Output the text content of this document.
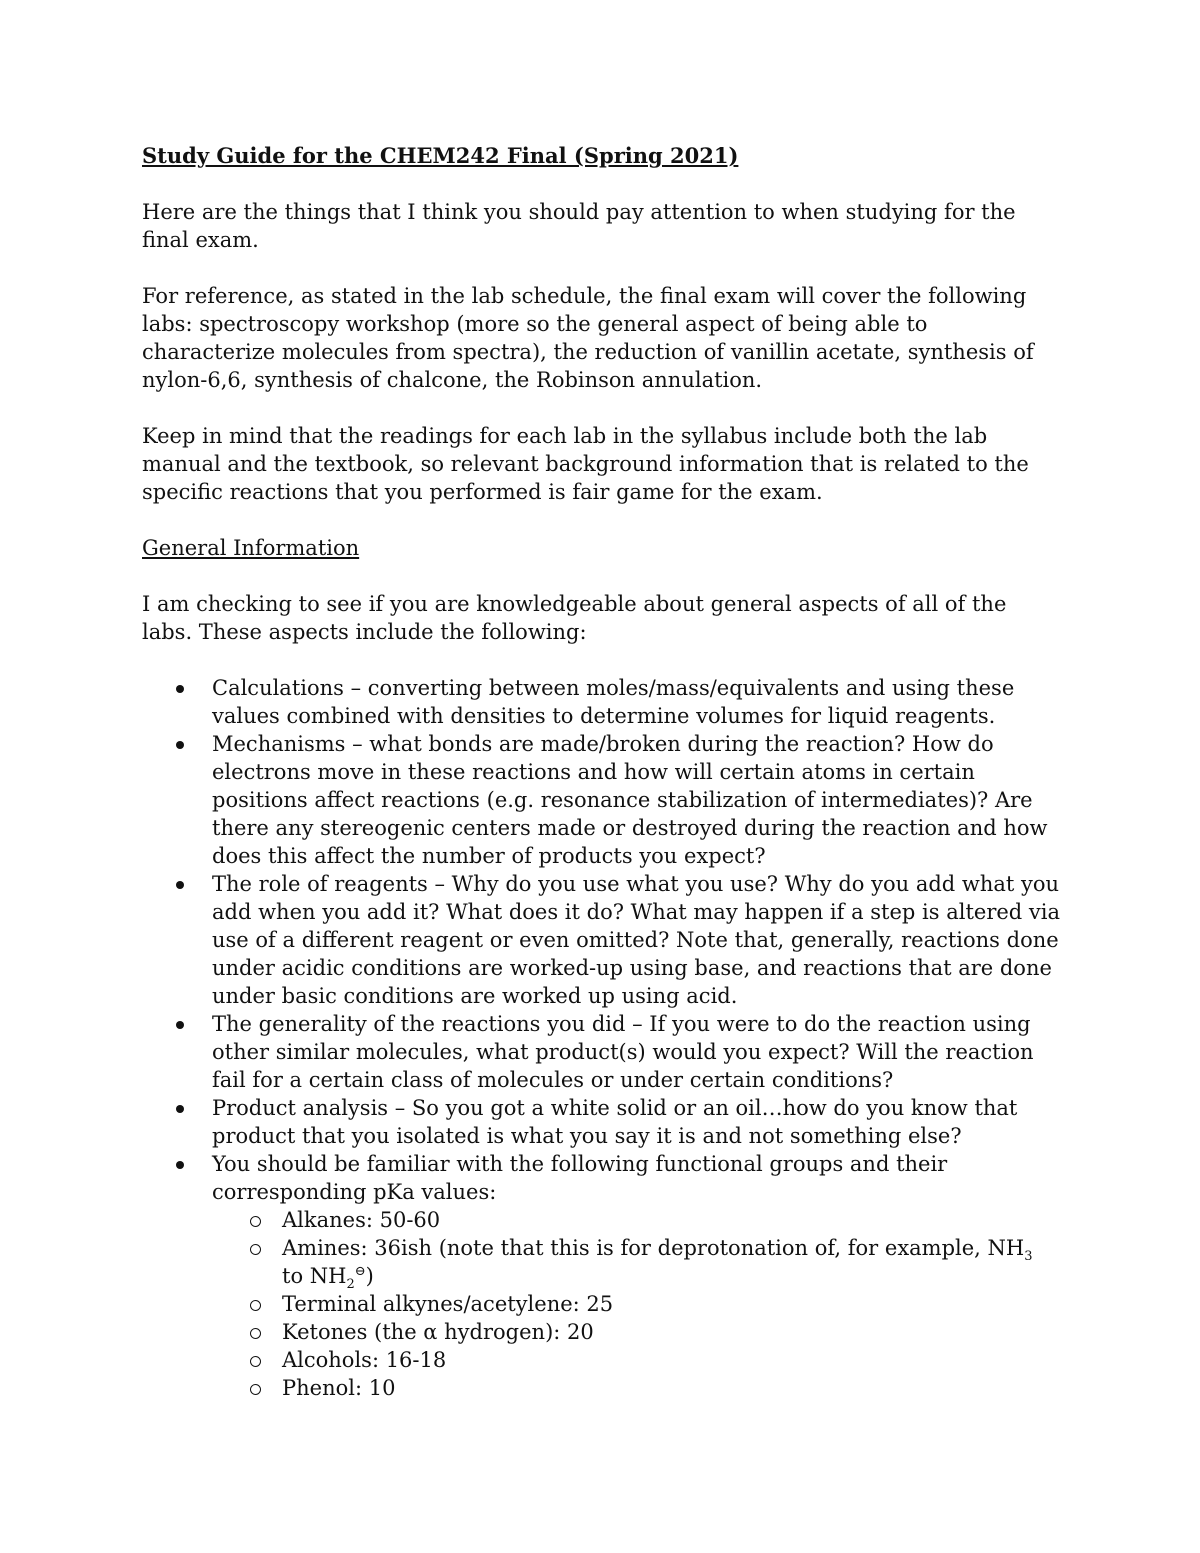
Study Guide for the CHEM242 Final (Spring 2021)

Here are the things that I think you should pay attention to when studying for the final exam.

For reference, as stated in the lab schedule, the final exam will cover the following labs: spectroscopy workshop (more so the general aspect of being able to characterize molecules from spectra), the reduction of vanillin acetate, synthesis of nylon-6,6, synthesis of chalcone, the Robinson annulation.

Keep in mind that the readings for each lab in the syllabus include both the lab manual and the textbook, so relevant background information that is related to the specific reactions that you performed is fair game for the exam.

General Information

I am checking to see if you are knowledgeable about general aspects of all of the labs. These aspects include the following:

Calculations – converting between moles/mass/equivalents and using these values combined with densities to determine volumes for liquid reagents.
Mechanisms – what bonds are made/broken during the reaction? How do electrons move in these reactions and how will certain atoms in certain positions affect reactions (e.g. resonance stabilization of intermediates)? Are there any stereogenic centers made or destroyed during the reaction and how does this affect the number of products you expect?
The role of reagents – Why do you use what you use? Why do you add what you add when you add it? What does it do? What may happen if a step is altered via use of a different reagent or even omitted? Note that, generally, reactions done under acidic conditions are worked-up using base, and reactions that are done under basic conditions are worked up using acid.
The generality of the reactions you did – If you were to do the reaction using other similar molecules, what product(s) would you expect? Will the reaction fail for a certain class of molecules or under certain conditions?
Product analysis – So you got a white solid or an oil…how do you know that product that you isolated is what you say it is and not something else?
You should be familiar with the following functional groups and their corresponding pKa values:
Alkanes: 50-60
Amines: 36ish (note that this is for deprotonation of, for example, $NH_3$ to $NH_2^⊖$)
Terminal alkynes/acetylene: 25
Ketones (the α hydrogen): 20
Alcohols: 16-18
Phenol: 10
